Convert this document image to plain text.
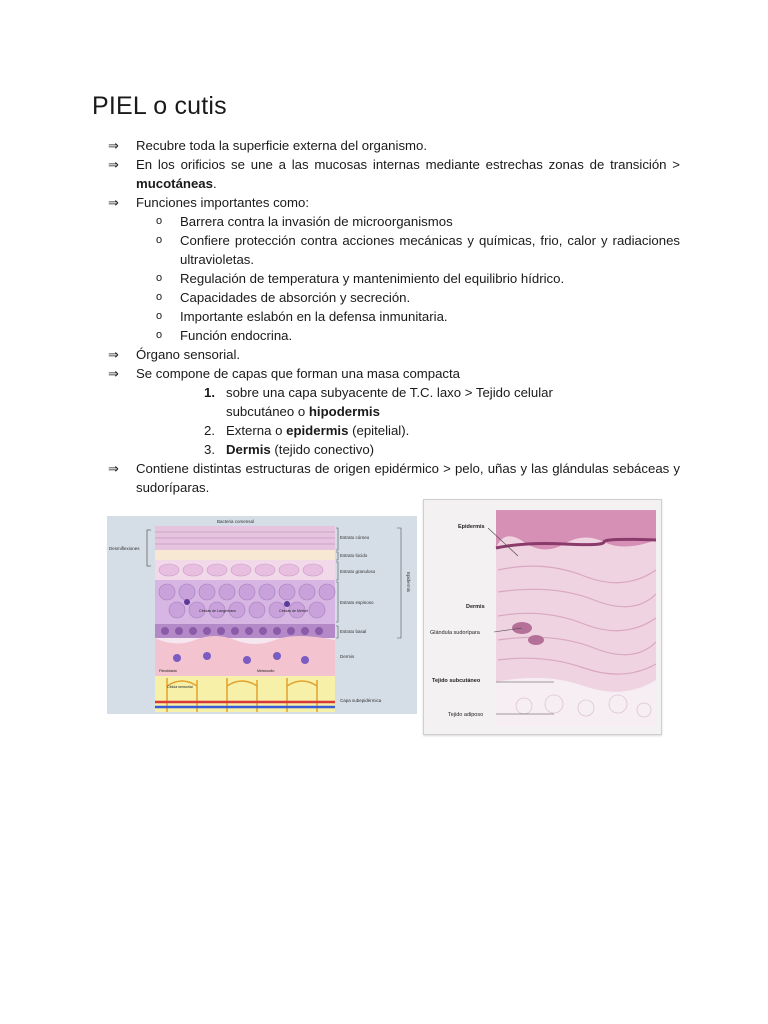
PIEL o cutis
⇒	Recubre toda la superficie externa del organismo.
⇒	En los orificios se une a las mucosas internas mediante estrechas zonas de transición > mucotáneas.
⇒	Funciones importantes como:
o	Barrera contra la invasión de microorganismos
o	Confiere protección contra acciones mecánicas y químicas, frio, calor y radiaciones ultravioletas.
o	Regulación de temperatura y mantenimiento del equilibrio hídrico.
o	Capacidades de absorción y secreción.
o	Importante eslabón en la defensa inmunitaria.
o	Función endocrina.
⇒	Órgano sensorial.
⇒	Se compone de capas que forman una masa compacta
1. sobre una capa subyacente de T.C. laxo > Tejido celular subcutáneo o hipodermis
2. Externa o epidermis (epitelial).
3. Dermis (tejido conectivo)
⇒	Contiene distintas estructuras de origen epidérmico > pelo, uñas y las glándulas sebáceas y sudoríparas.
Desmiflexiones
Bacteria comensal
Estrato córneo
Estrato lúcido
Estrato granuloso
Estrato espinoso
Estrato basal
Dermis
Capa subepidérmica
Epidermis
Células de Langerhans	Células de Merkel
Melanocito
Fibroblasto
Célula sensorial
Epidermis
Dermis
Glándula sudorípara
Tejido subcutáneo
Tejido adiposo
